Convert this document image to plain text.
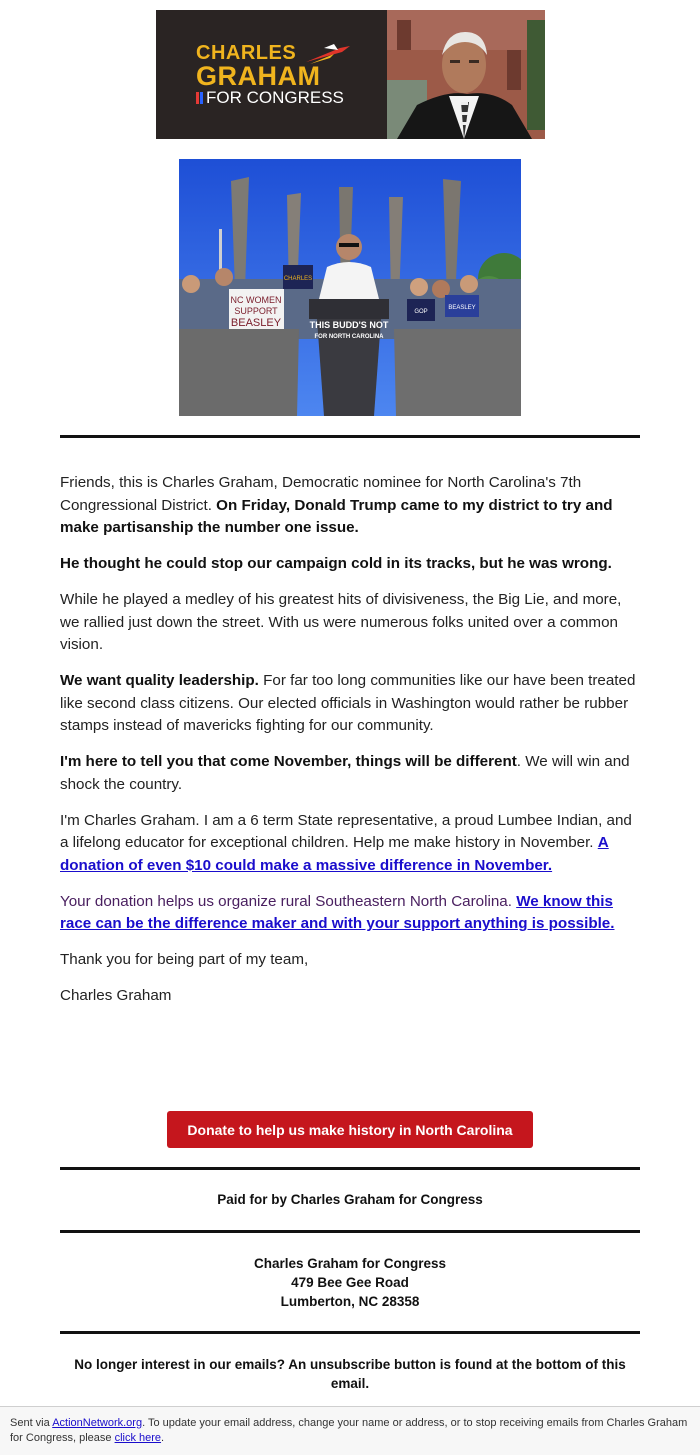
CHARLES
GRAHAM
FOR CONGRESS
NC WOMEN
SUPPORT
BEASLEY
CHARLES
GOP
BEASLEY
THIS BUDD'S NOT
FOR NORTH CAROLINA

Friends, this is Charles Graham, Democratic nominee for North Carolina's 7th Congressional District. On Friday, Donald Trump came to my district to try and make partisanship the number one issue.

He thought he could stop our campaign cold in its tracks, but he was wrong.

While he played a medley of his greatest hits of divisiveness, the Big Lie, and more, we rallied just down the street. With us were numerous folks united over a common vision.

We want quality leadership. For far too long communities like our have been treated like second class citizens. Our elected officials in Washington would rather be rubber stamps instead of mavericks fighting for our community.

I'm here to tell you that come November, things will be different. We will win and shock the country.

I'm Charles Graham. I am a 6 term State representative, a proud Lumbee Indian, and a lifelong educator for exceptional children. Help me make history in November. A donation of even $10 could make a massive difference in November.

Your donation helps us organize rural Southeastern North Carolina. We know this race can be the difference maker and with your support anything is possible.

Thank you for being part of my team,

Charles Graham

Donate to help us make history in North Carolina
Paid for by Charles Graham for Congress
Charles Graham for Congress
479 Bee Gee Road
Lumberton, NC 28358
No longer interest in our emails? An unsubscribe button is found at the bottom of this email.
Sent via ActionNetwork.org. To update your email address, change your name or address, or to stop receiving emails from Charles Graham for Congress, please click here.
